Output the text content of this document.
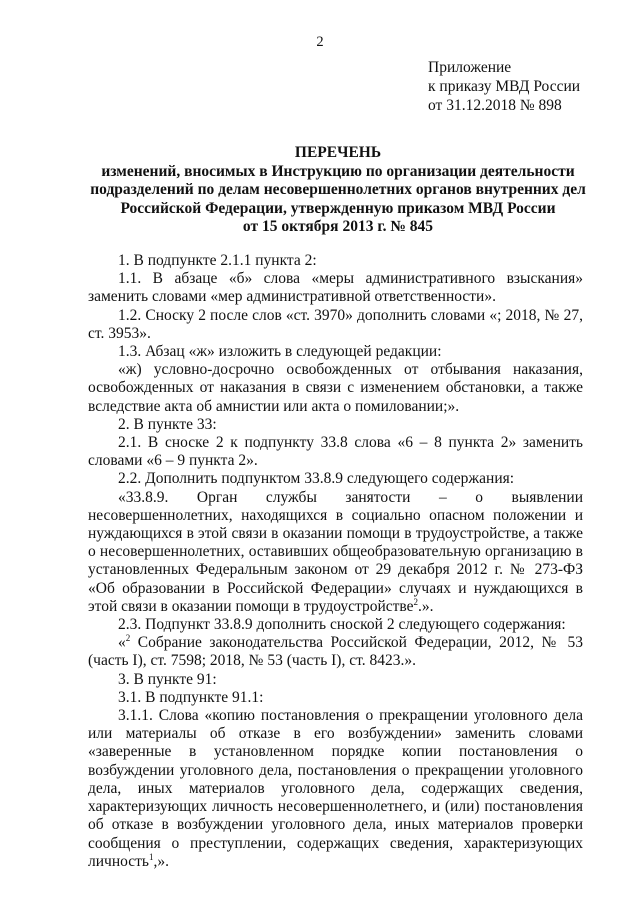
2
Приложение
к приказу МВД России
от 31.12.2018 № 898
ПЕРЕЧЕНЬ
изменений, вносимых в Инструкцию по организации деятельности
подразделений по делам несовершеннолетних органов внутренних дел
Российской Федерации, утвержденную приказом МВД России
от 15 октября 2013 г. № 845

1. В подпункте 2.1.1 пункта 2:

1.1. В абзаце «б» слова «меры административного взыскания» заменить словами «мер административной ответственности».

1.2. Сноску 2 после слов «ст. 3970» дополнить словами «; 2018, № 27, ст. 3953».

1.3. Абзац «ж» изложить в следующей редакции:

«ж) условно-досрочно освобожденных от отбывания наказания, освобожденных от наказания в связи с изменением обстановки, а также вследствие акта об амнистии или акта о помиловании;».

2. В пункте 33:

2.1. В сноске 2 к подпункту 33.8 слова «6 – 8 пункта 2» заменить словами «6 – 9 пункта 2».

2.2. Дополнить подпунктом 33.8.9 следующего содержания:

«33.8.9. Орган службы занятости – о выявлении несовершеннолетних, находящихся в социально опасном положении и нуждающихся в этой связи в оказании помощи в трудоустройстве, а также о несовершеннолетних, оставивших общеобразовательную организацию в установленных Федеральным законом от 29 декабря 2012 г. № 273-ФЗ «Об образовании в Российской Федерации» случаях и нуждающихся в этой связи в оказании помощи в трудоустройстве$^2$.».

2.3. Подпункт 33.8.9 дополнить сноской 2 следующего содержания:

«$^2$ Собрание законодательства Российской Федерации, 2012, № 53 (часть I), ст. 7598; 2018, № 53 (часть I), ст. 8423.».

3. В пункте 91:

3.1. В подпункте 91.1:

3.1.1. Слова «копию постановления о прекращении уголовного дела или материалы об отказе в его возбуждении» заменить словами «заверенные в установленном порядке копии постановления о возбуждении уголовного дела, постановления о прекращении уголовного дела, иных материалов уголовного дела, содержащих сведения, характеризующих личность несовершеннолетнего, и (или) постановления об отказе в возбуждении уголовного дела, иных материалов проверки сообщения о преступлении, содержащих сведения, характеризующих личность$^1$,».
